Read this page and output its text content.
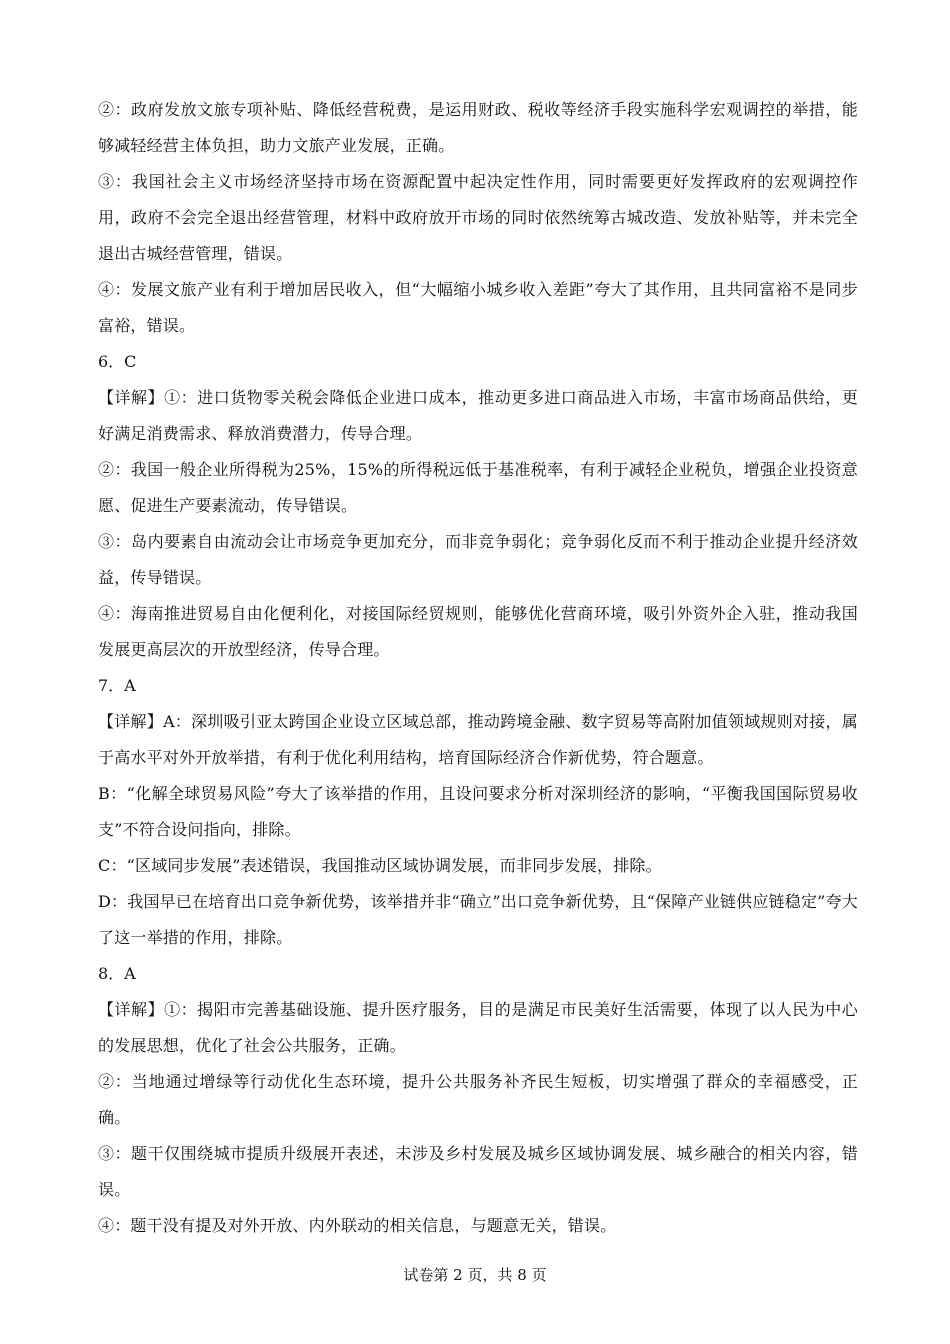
②：政府发放文旅专项补贴、降低经营税费，是运用财政、税收等经济手段实施科学宏观调控的举措，能够减轻经营主体负担，助力文旅产业发展，正确。

③：我国社会主义市场经济坚持市场在资源配置中起决定性作用，同时需要更好发挥政府的宏观调控作用，政府不会完全退出经营管理，材料中政府放开市场的同时依然统筹古城改造、发放补贴等，并未完全退出古城经营管理，错误。

④：发展文旅产业有利于增加居民收入，但“大幅缩小城乡收入差距”夸大了其作用，且共同富裕不是同步富裕，错误。

6．C

【详解】①：进口货物零关税会降低企业进口成本，推动更多进口商品进入市场，丰富市场商品供给，更好满足消费需求、释放消费潜力，传导合理。

②：我国一般企业所得税为25%，15%的所得税远低于基准税率，有利于减轻企业税负，增强企业投资意愿、促进生产要素流动，传导错误。

③：岛内要素自由流动会让市场竞争更加充分，而非竞争弱化；竞争弱化反而不利于推动企业提升经济效益，传导错误。

④：海南推进贸易自由化便利化，对接国际经贸规则，能够优化营商环境，吸引外资外企入驻，推动我国发展更高层次的开放型经济，传导合理。

7．A

【详解】A：深圳吸引亚太跨国企业设立区域总部，推动跨境金融、数字贸易等高附加值领域规则对接，属于高水平对外开放举措，有利于优化利用结构，培育国际经济合作新优势，符合题意。

B：“化解全球贸易风险”夸大了该举措的作用，且设问要求分析对深圳经济的影响，“平衡我国国际贸易收支”不符合设问指向，排除。

C：“区域同步发展”表述错误，我国推动区域协调发展，而非同步发展，排除。

D：我国早已在培育出口竞争新优势，该举措并非“确立”出口竞争新优势，且“保障产业链供应链稳定”夸大了这一举措的作用，排除。

8．A

【详解】①：揭阳市完善基础设施、提升医疗服务，目的是满足市民美好生活需要，体现了以人民为中心的发展思想，优化了社会公共服务，正确。

②：当地通过增绿等行动优化生态环境，提升公共服务补齐民生短板，切实增强了群众的幸福感受，正确。

③：题干仅围绕城市提质升级展开表述，未涉及乡村发展及城乡区域协调发展、城乡融合的相关内容，错误。

④：题干没有提及对外开放、内外联动的相关信息，与题意无关，错误。

试卷第 2 页，共 8 页
